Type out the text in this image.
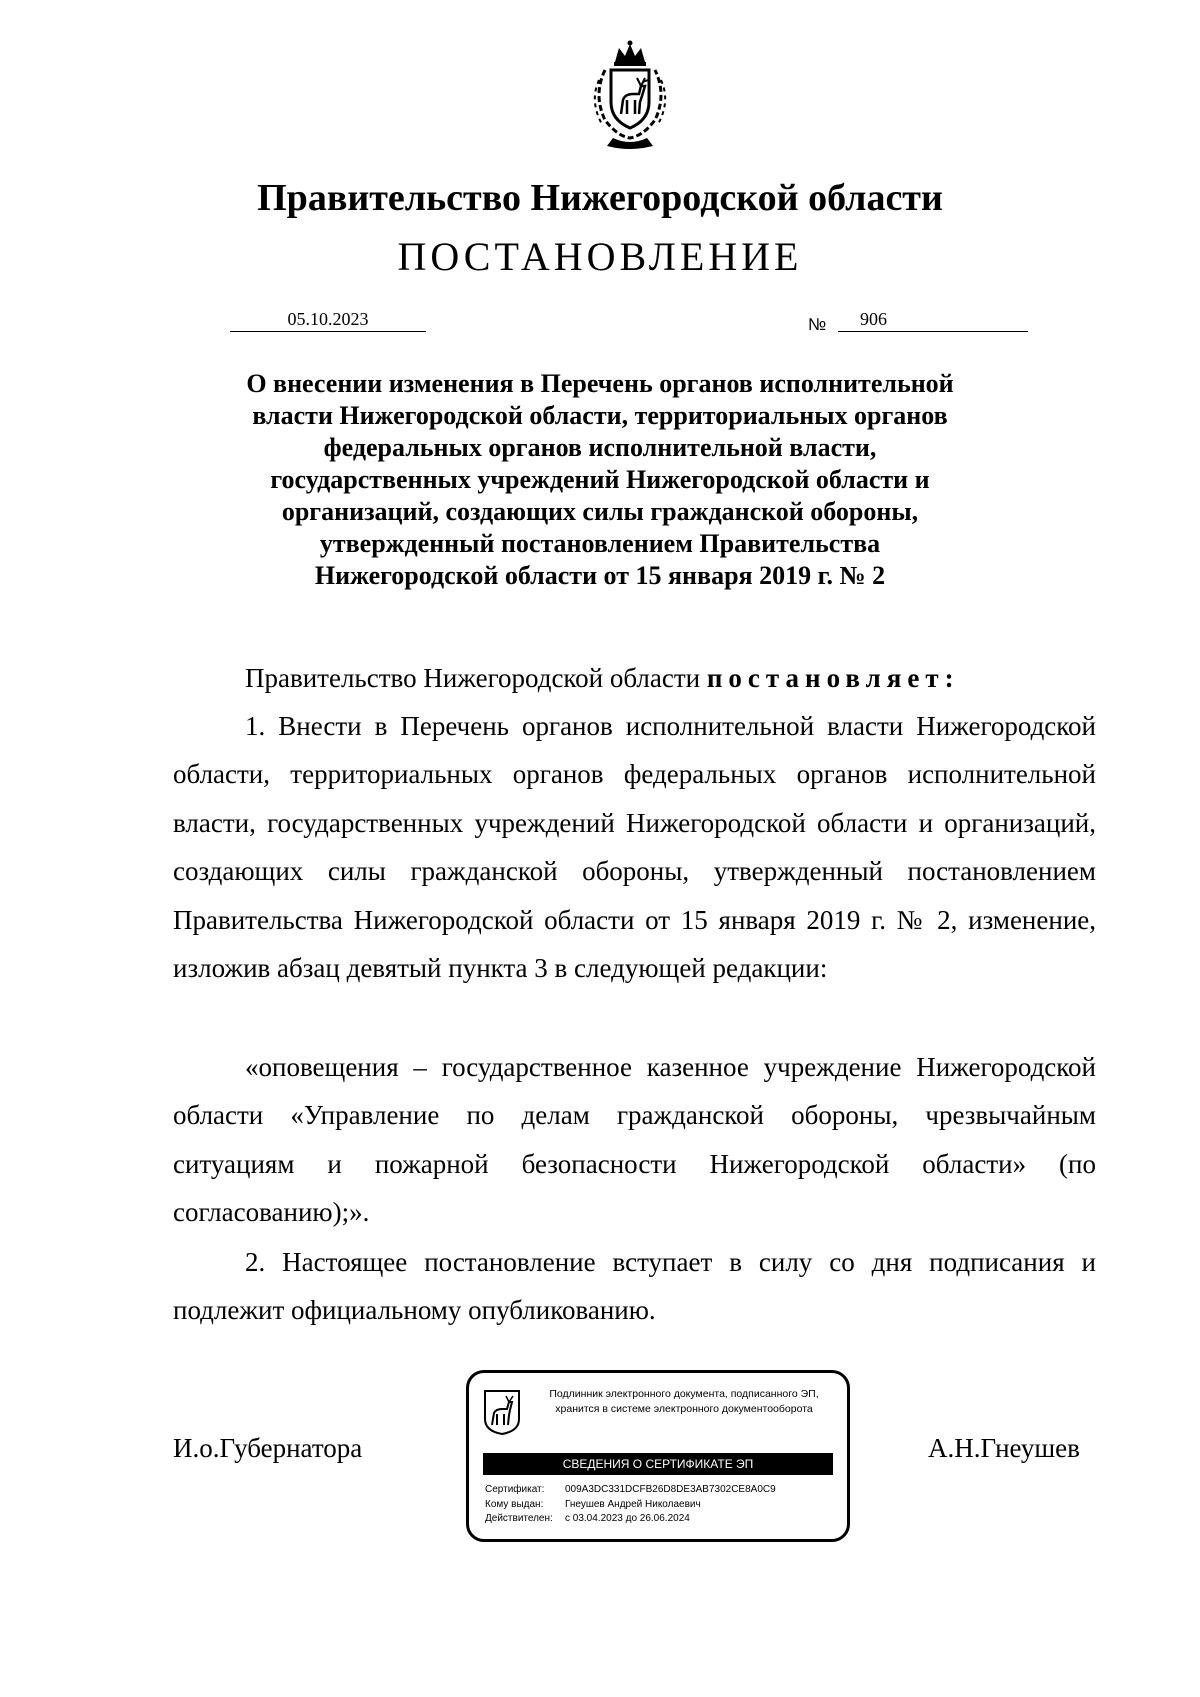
Правительство Нижегородской области
ПОСТАНОВЛЕНИЕ
05.10.2023	№	906
О внесении изменения в Перечень органов исполнительной
власти Нижегородской области, территориальных органов
федеральных органов исполнительной власти,
государственных учреждений Нижегородской области и
организаций, создающих силы гражданской обороны,
утвержденный постановлением Правительства
Нижегородской области от 15 января 2019 г. № 2

Правительство Нижегородской области постановляет:

1. Внести в Перечень органов исполнительной власти Нижегородской области, территориальных органов федеральных органов исполнительной власти, государственных учреждений Нижегородской области и организаций, создающих силы гражданской обороны, утвержденный постановлением Правительства Нижегородской области от 15 января 2019 г. № 2, изменение, изложив абзац девятый пункта 3 в следующей редакции:

«оповещения – государственное казенное учреждение Нижегородской области «Управление по делам гражданской обороны, чрезвычайным ситуациям и пожарной безопасности Нижегородской области» (по согласованию);».

2. Настоящее постановление вступает в силу со дня подписания и подлежит официальному опубликованию.

И.о.Губернатора	А.Н.Гнеушев
Подлинник электронного документа, подписанного ЭП,
хранится в системе электронного документооборота
СВЕДЕНИЯ О СЕРТИФИКАТЕ ЭП
Сертификат: 009A3DC331DCFB26D8DE3AB7302CE8A0C9
Кому выдан: Гнеушев Андрей Николаевич
Действителен: с 03.04.2023 до 26.06.2024
